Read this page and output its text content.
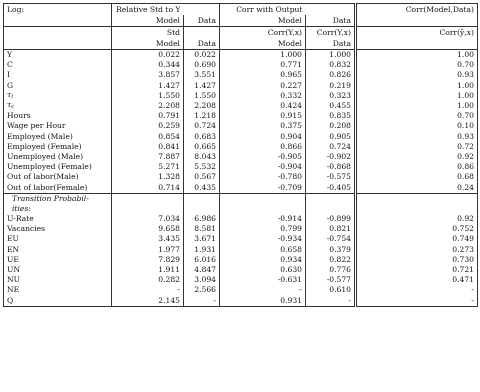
Log:	Relative Std to Y		Corr with Output		Corr(Model,Data)
	Model	Data	Model	Data	
	Std		Corr(Y,x)	Corr(Y,x)	Corr(ŷ,x)
	Model	Data	Model	Data	
Y	0.022	0.022	1.000	1.000	1.00
C	0.344	0.690	0.771	0.832	0.70
I	3.857	3.551	0.965	0.826	0.93
G	1.427	1.427	0.227	0.219	1.00
τl	1.550	1.550	0.332	0.323	1.00
τc	2.208	2.208	0.424	0.455	1.00
Hours	0.791	1.218	0.915	0.835	0.70
Wage per Hour	0.259	0.724	0.375	0.208	0.10
Employed (Male)	0.854	0.683	0.904	0.905	0.93
Employed (Female)	0.841	0.665	0.866	0.724	0.72
Unemployed (Male)	7.887	8.043	-0.905	-0.902	0.92
Unemployed (Female)	5.271	5.532	-0.904	-0.868	0.86
Out of labor(Male)	1.328	0.567	-0.780	-0.575	0.68
Out of labor(Female)	0.714	0.435	-0.709	-0.405	0.24
Transition Probabil-					
ities:					
U-Rate	7.034	6.986	-0.914	-0.899	0.92
Vacancies	9.658	8.581	0.799	0.821	0.752
EU	3.435	3.671	-0.934	-0.754	0.749
EN	1.977	1.931	0.658	0.379	0.273
UE	7.829	6.016	0.934	0.822	0.730
UN	1.911	4.847	0.630	0.776	0.721
NU	0.282	3.094	-0.631	-0.577	0.471
NE	-	2.566	-	0.610	-
Q	2.145	-	0.931	-	-
